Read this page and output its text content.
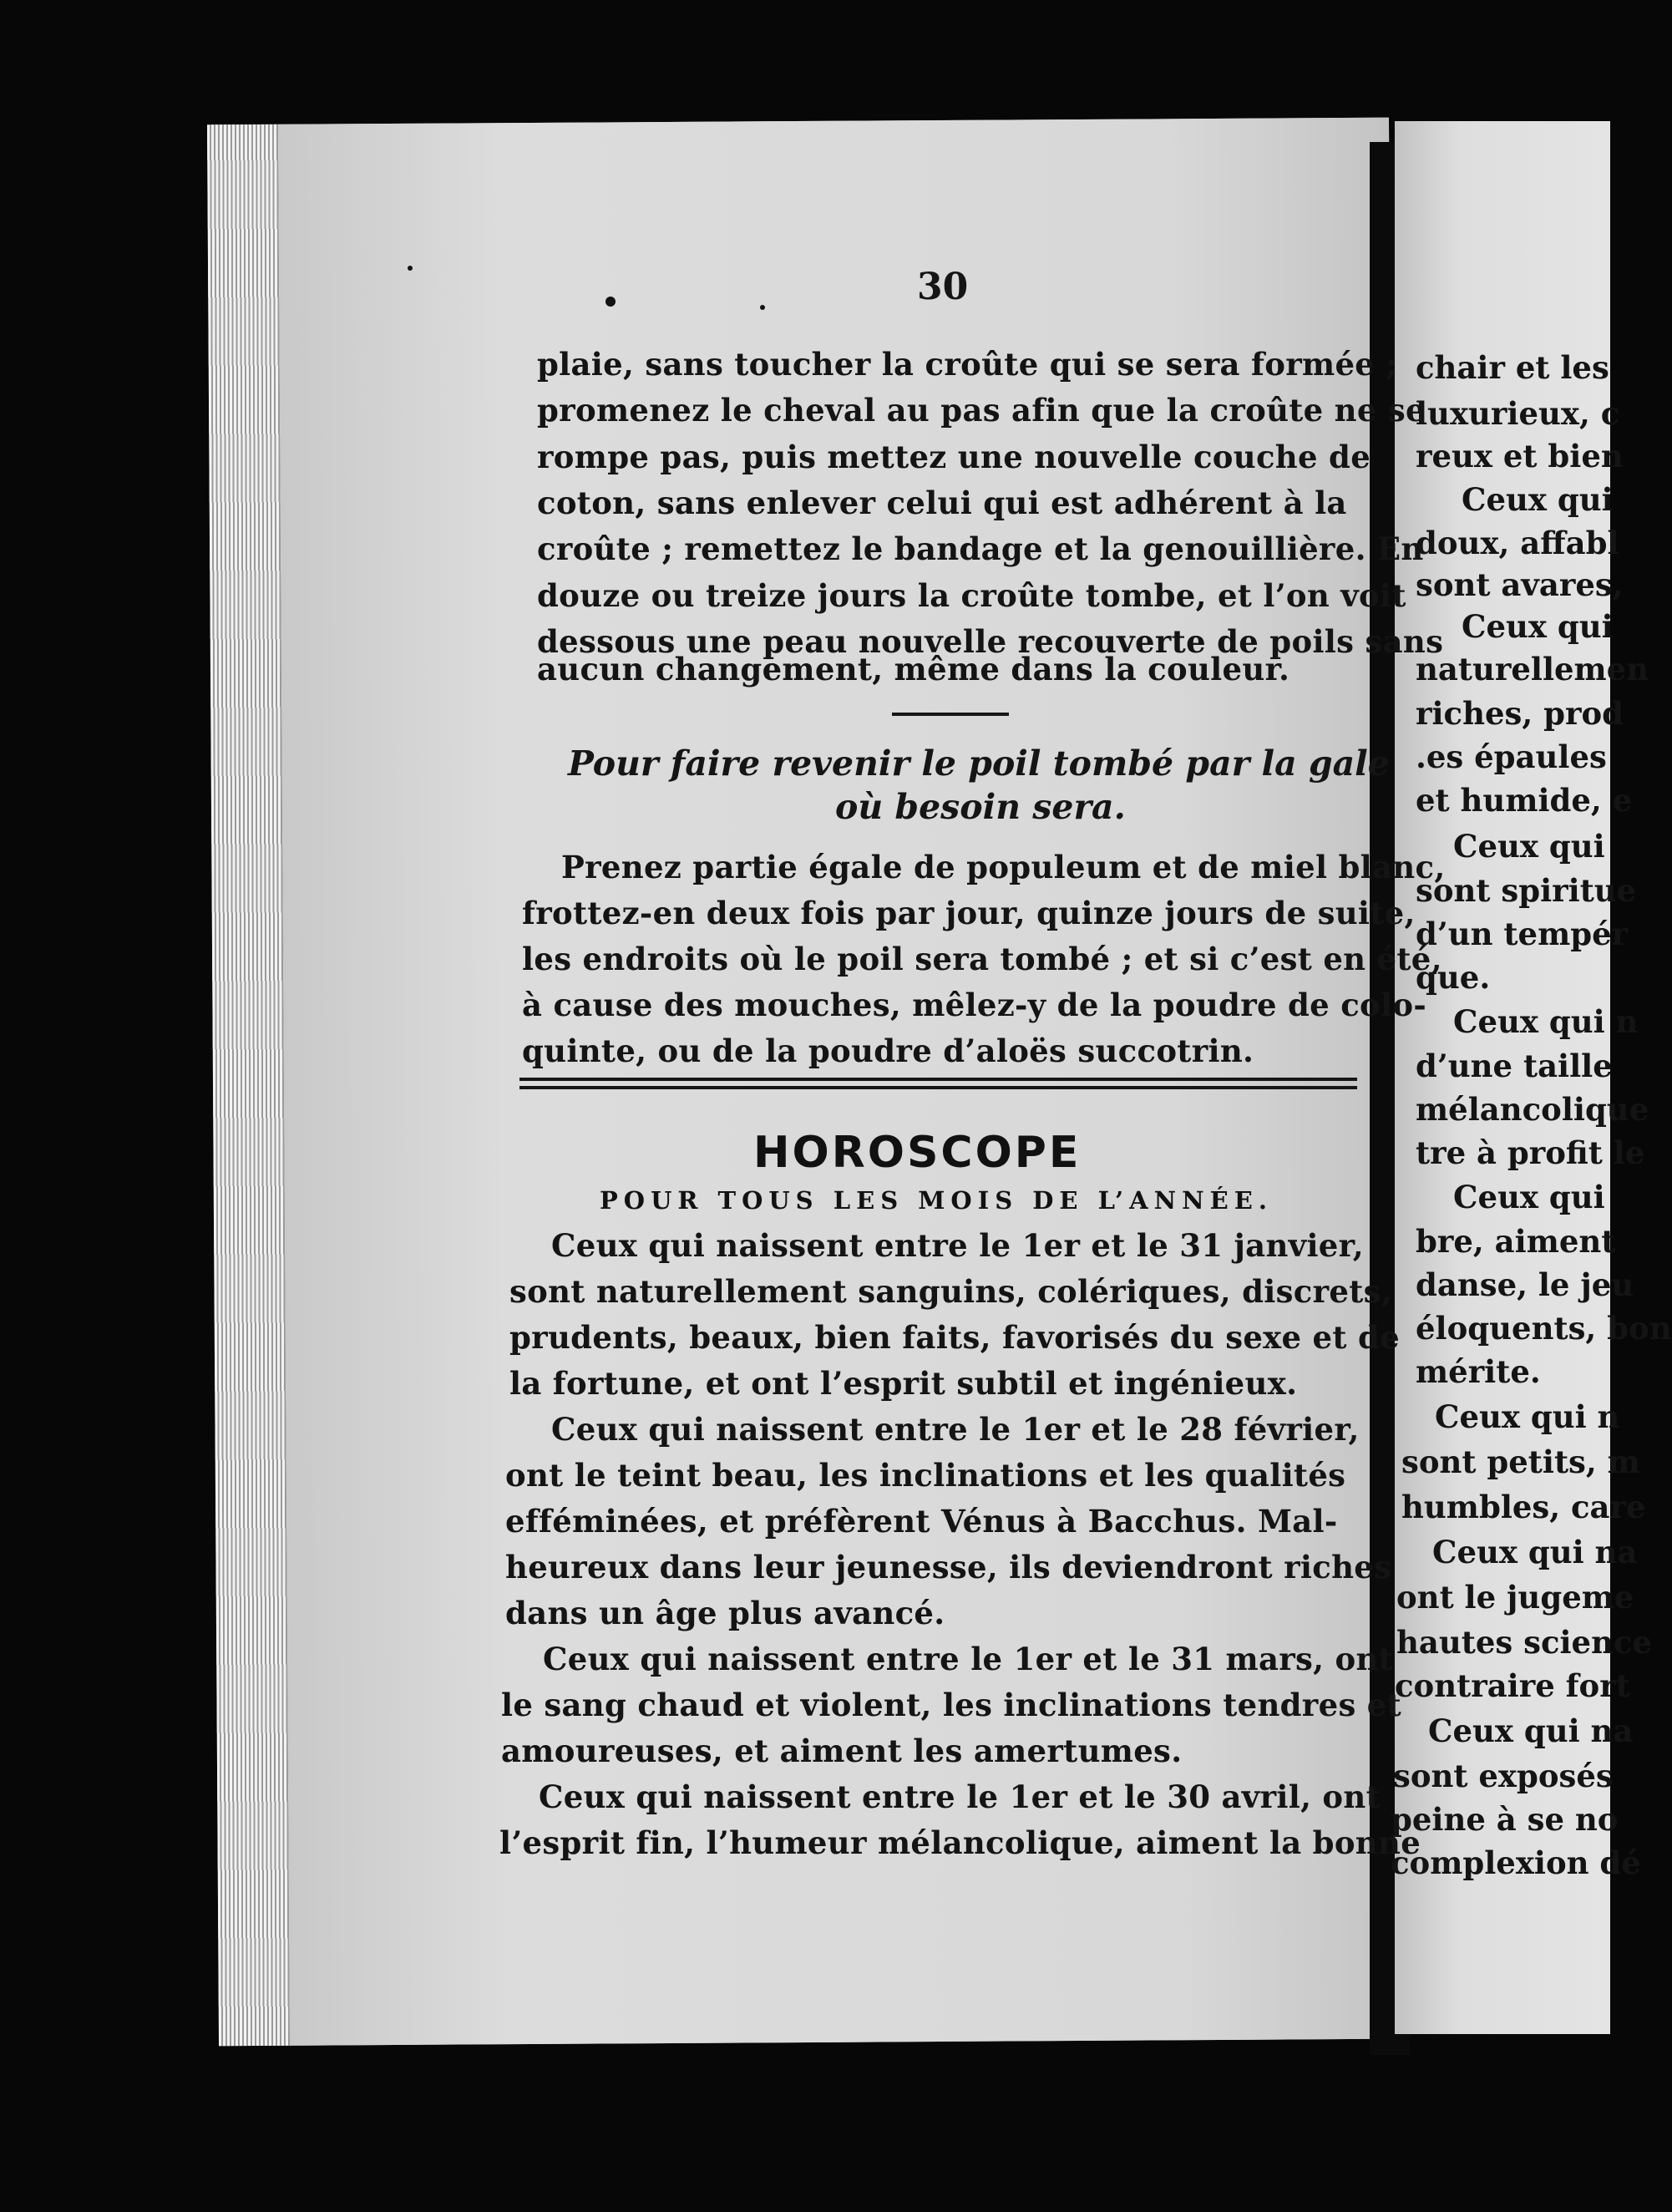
30
plaie, sans toucher la croûte qui se sera formée ;
promenez le cheval au pas afin que la croûte ne se
rompe pas, puis mettez une nouvelle couche de
coton, sans enlever celui qui est adhérent à la
croûte ; remettez le bandage et la genouillière. En
douze ou treize jours la croûte tombe, et l’on voit
dessous une peau nouvelle recouverte de poils sans
aucun changement, même dans la couleur.
Pour faire revenir le poil tombé par la gale
où besoin sera.
Prenez partie égale de populeum et de miel blanc,
frottez-en deux fois par jour, quinze jours de suite,
les endroits où le poil sera tombé ; et si c’est en été,
à cause des mouches, mêlez-y de la poudre de colo-
quinte, ou de la poudre d’aloës succotrin.
HOROSCOPE
POUR TOUS LES MOIS DE L’ANNÉE.
Ceux qui naissent entre le 1er et le 31 janvier,
sont naturellement sanguins, colériques, discrets,
prudents, beaux, bien faits, favorisés du sexe et de
la fortune, et ont l’esprit subtil et ingénieux.
Ceux qui naissent entre le 1er et le 28 février,
ont le teint beau, les inclinations et les qualités
efféminées, et préfèrent Vénus à Bacchus. Mal-
heureux dans leur jeunesse, ils deviendront riches
dans un âge plus avancé.
Ceux qui naissent entre le 1er et le 31 mars, ont
le sang chaud et violent, les inclinations tendres et
amoureuses, et aiment les amertumes.
Ceux qui naissent entre le 1er et le 30 avril, ont
l’esprit fin, l’humeur mélancolique, aiment la bonne
chair et les
luxurieux, c
reux et bien
Ceux qui
doux, affabl
sont avares,
Ceux qui
naturellemen
riches, prod
.es épaules
et humide, e
Ceux qui
sont spiritue
d’un tempér
que.
Ceux qui n
d’une taille
mélancolique
tre à profit le
Ceux qui
bre, aiment
danse, le jeu
éloquents, bon
mérite.
Ceux qui n
sont petits, m
humbles, care
Ceux qui na
ont le jugeme
hautes science
contraire fort
Ceux qui na
sont exposés
peine à se no
complexion dé
